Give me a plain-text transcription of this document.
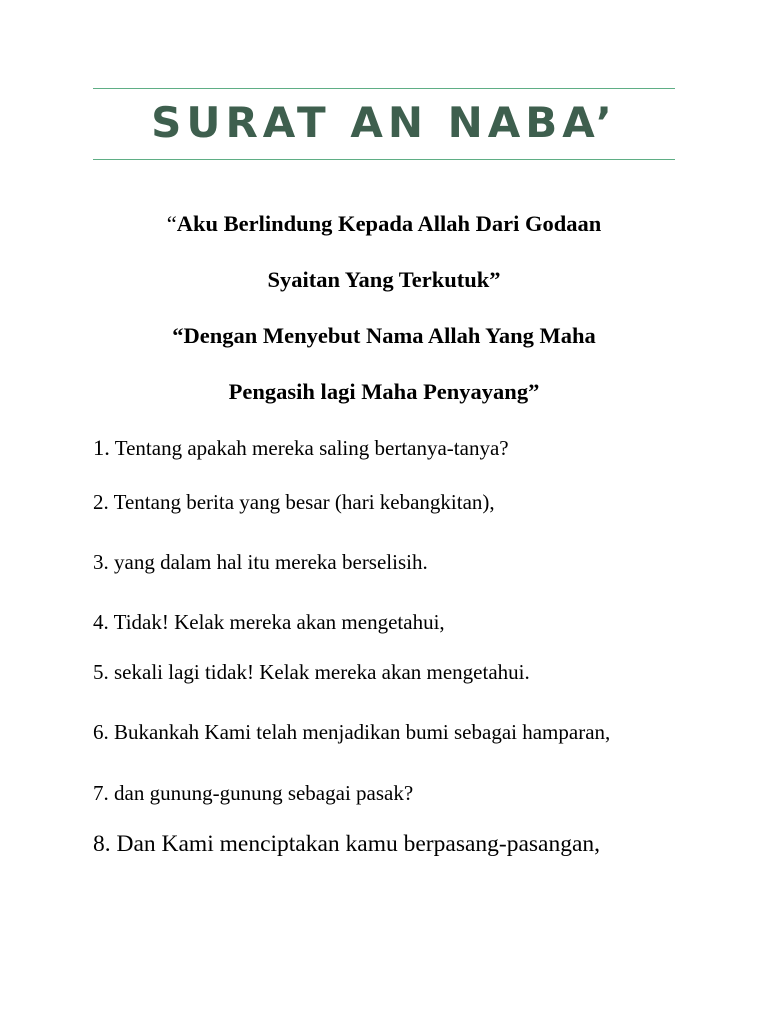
SURAT AN NABA’
“Aku Berlindung Kepada Allah Dari Godaan
Syaitan Yang Terkutuk”
“Dengan Menyebut Nama Allah Yang Maha
Pengasih lagi Maha Penyayang”
1. Tentang apakah mereka saling bertanya-tanya?
2. Tentang berita yang besar (hari kebangkitan),
3. yang dalam hal itu mereka berselisih.
4. Tidak! Kelak mereka akan mengetahui,
5. sekali lagi tidak! Kelak mereka akan mengetahui.
6. Bukankah Kami telah menjadikan bumi sebagai hamparan,
7. dan gunung-gunung sebagai pasak?
8. Dan Kami menciptakan kamu berpasang-pasangan,
